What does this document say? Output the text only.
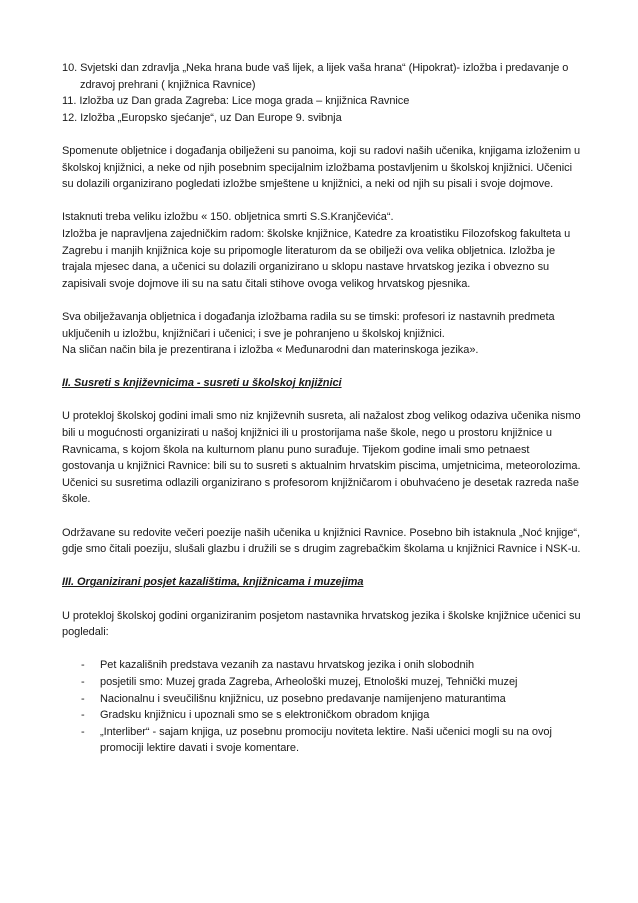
10. Svjetski dan zdravlja „Neka hrana bude vaš lijek, a lijek vaša hrana“ (Hipokrat)- izložba i predavanje o zdravoj prehrani ( knjižnica Ravnice)

11. Izložba uz Dan grada Zagreba: Lice moga grada – knjižnica Ravnice

12. Izložba „Europsko sjećanje“, uz Dan Europe 9. svibnja

Spomenute obljetnice i događanja obilježeni su panoima, koji su radovi naših učenika, knjigama izloženim u školskoj knjižnici, a neke od njih posebnim specijalnim izložbama postavljenim u školskoj knjižnici. Učenici su dolazili organizirano pogledati izložbe smještene u knjižnici, a neki od njih su pisali i svoje dojmove.

Istaknuti treba veliku izložbu « 150. obljetnica smrti S.S.Kranjčevića“.

Izložba je napravljena zajedničkim radom: školske knjižnice, Katedre za kroatistiku Filozofskog fakulteta u Zagrebu i manjih knjižnica koje su pripomogle literaturom da se obilježi ova velika obljetnica. Izložba je trajala mjesec dana, a učenici su dolazili organizirano u sklopu nastave hrvatskog jezika i obvezno su zapisivali svoje dojmove ili su na satu čitali stihove ovoga velikog hrvatskog pjesnika.

Sva obilježavanja obljetnica i događanja izložbama radila su se timski: profesori iz nastavnih predmeta uključenih u izložbu, knjižničari i učenici; i sve je pohranjeno u školskoj knjižnici.

Na sličan način bila je prezentirana i izložba « Međunarodni dan materinskoga jezika».

II. Susreti s književnicima - susreti u školskoj knjižnici

U protekloj školskoj godini imali smo niz književnih susreta, ali nažalost zbog velikog odaziva učenika nismo bili u mogućnosti organizirati u našoj knjižnici ili u prostorijama naše škole, nego u prostoru knjižnice u Ravnicama, s kojom škola na kulturnom planu puno surađuje. Tijekom godine imali smo petnaest gostovanja u knjižnici Ravnice: bili su to susreti s aktualnim hrvatskim piscima, umjetnicima, meteorolozima. Učenici su susretima odlazili organizirano s profesorom knjižničarom i obuhvaćeno je desetak razreda naše škole.

Održavane su redovite večeri poezije naših učenika u knjižnici Ravnice. Posebno bih istaknula „Noć knjige“, gdje smo čitali poeziju, slušali glazbu i družili se s drugim zagrebačkim školama u knjižnici Ravnice i NSK-u.

III. Organizirani posjet kazalištima, knjižnicama i muzejima

U protekloj školskoj godini organiziranim posjetom nastavnika hrvatskog jezika i školske knjižnice učenici su pogledali:

- Pet kazališnih predstava vezanih za nastavu hrvatskog jezika i onih slobodnih
- posjetili smo: Muzej grada Zagreba, Arheološki muzej, Etnološki muzej, Tehnički muzej
- Nacionalnu i sveučilišnu knjižnicu, uz posebno predavanje namijenjeno maturantima
- Gradsku knjižnicu i upoznali smo se s elektroničkom obradom knjiga
- „Interliber“ - sajam knjiga, uz posebnu promociju noviteta lektire. Naši učenici mogli su na ovoj promociji lektire davati i svoje komentare.
